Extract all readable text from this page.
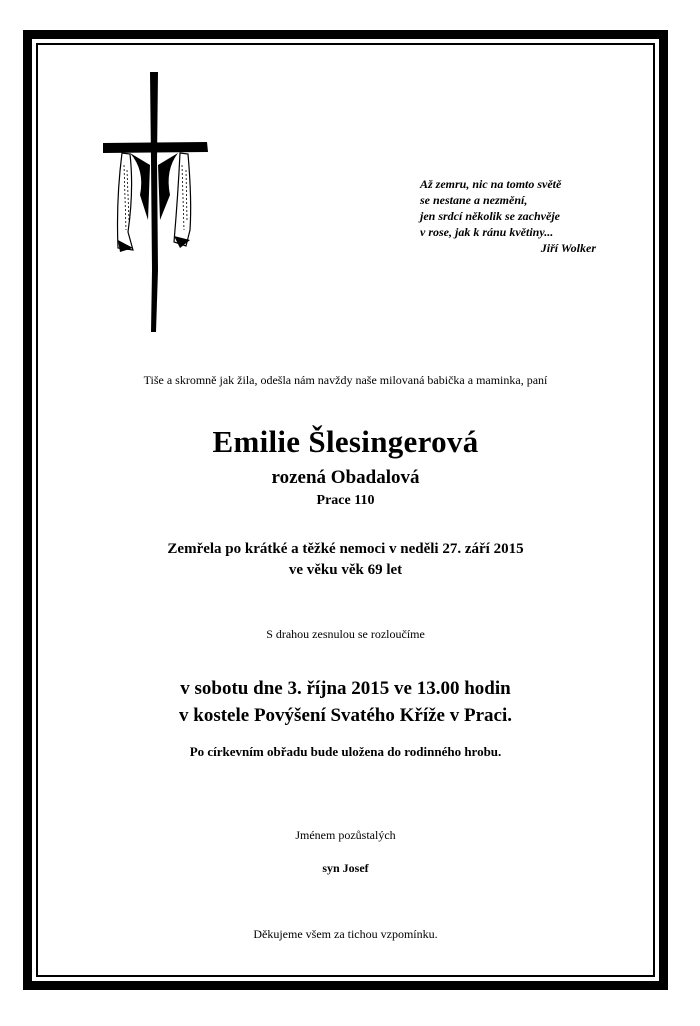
Až zemru, nic na tomto světě
se nestane a nezmění,
jen srdcí několik se zachvěje
v rose, jak k ránu květiny...
Jiří Wolker
Tiše a skromně jak žila, odešla nám navždy naše milovaná babička a maminka, paní
Emilie Šlesingerová
rozená Obadalová
Prace 110
Zemřela po krátké a těžké nemoci v neděli 27. září 2015
ve věku věk 69 let
S drahou zesnulou se rozloučíme
v sobotu dne 3. října 2015 ve 13.00 hodin
v kostele Povýšení Svatého Kříže v Praci.
Po církevním obřadu bude uložena do rodinného hrobu.
Jménem pozůstalých
syn Josef
Děkujeme všem za tichou vzpomínku.
